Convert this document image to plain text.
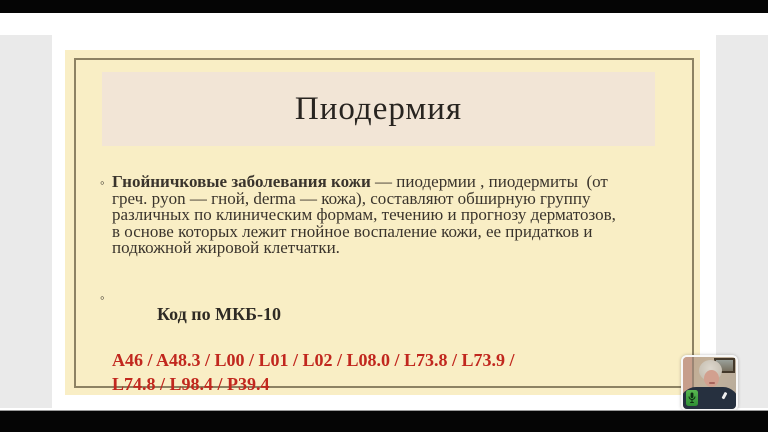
Пиодермия
◦ Гнойничковые заболевания кожи — пиодермии , пиодермиты  (от
греч. pyon — гной, derma — кожа), составляют обширную группу
различных по клиническим формам, течению и прогнозу дерматозов,
в основе которых лежит гнойное воспаление кожи, ее придатков и
подкожной жировой клетчатки.

◦
Код по МКБ-10

A46 / A48.3 / L00 / L01 / L02 / L08.0 / L73.8 / L73.9 /
L74.8 / L98.4 / P39.4
